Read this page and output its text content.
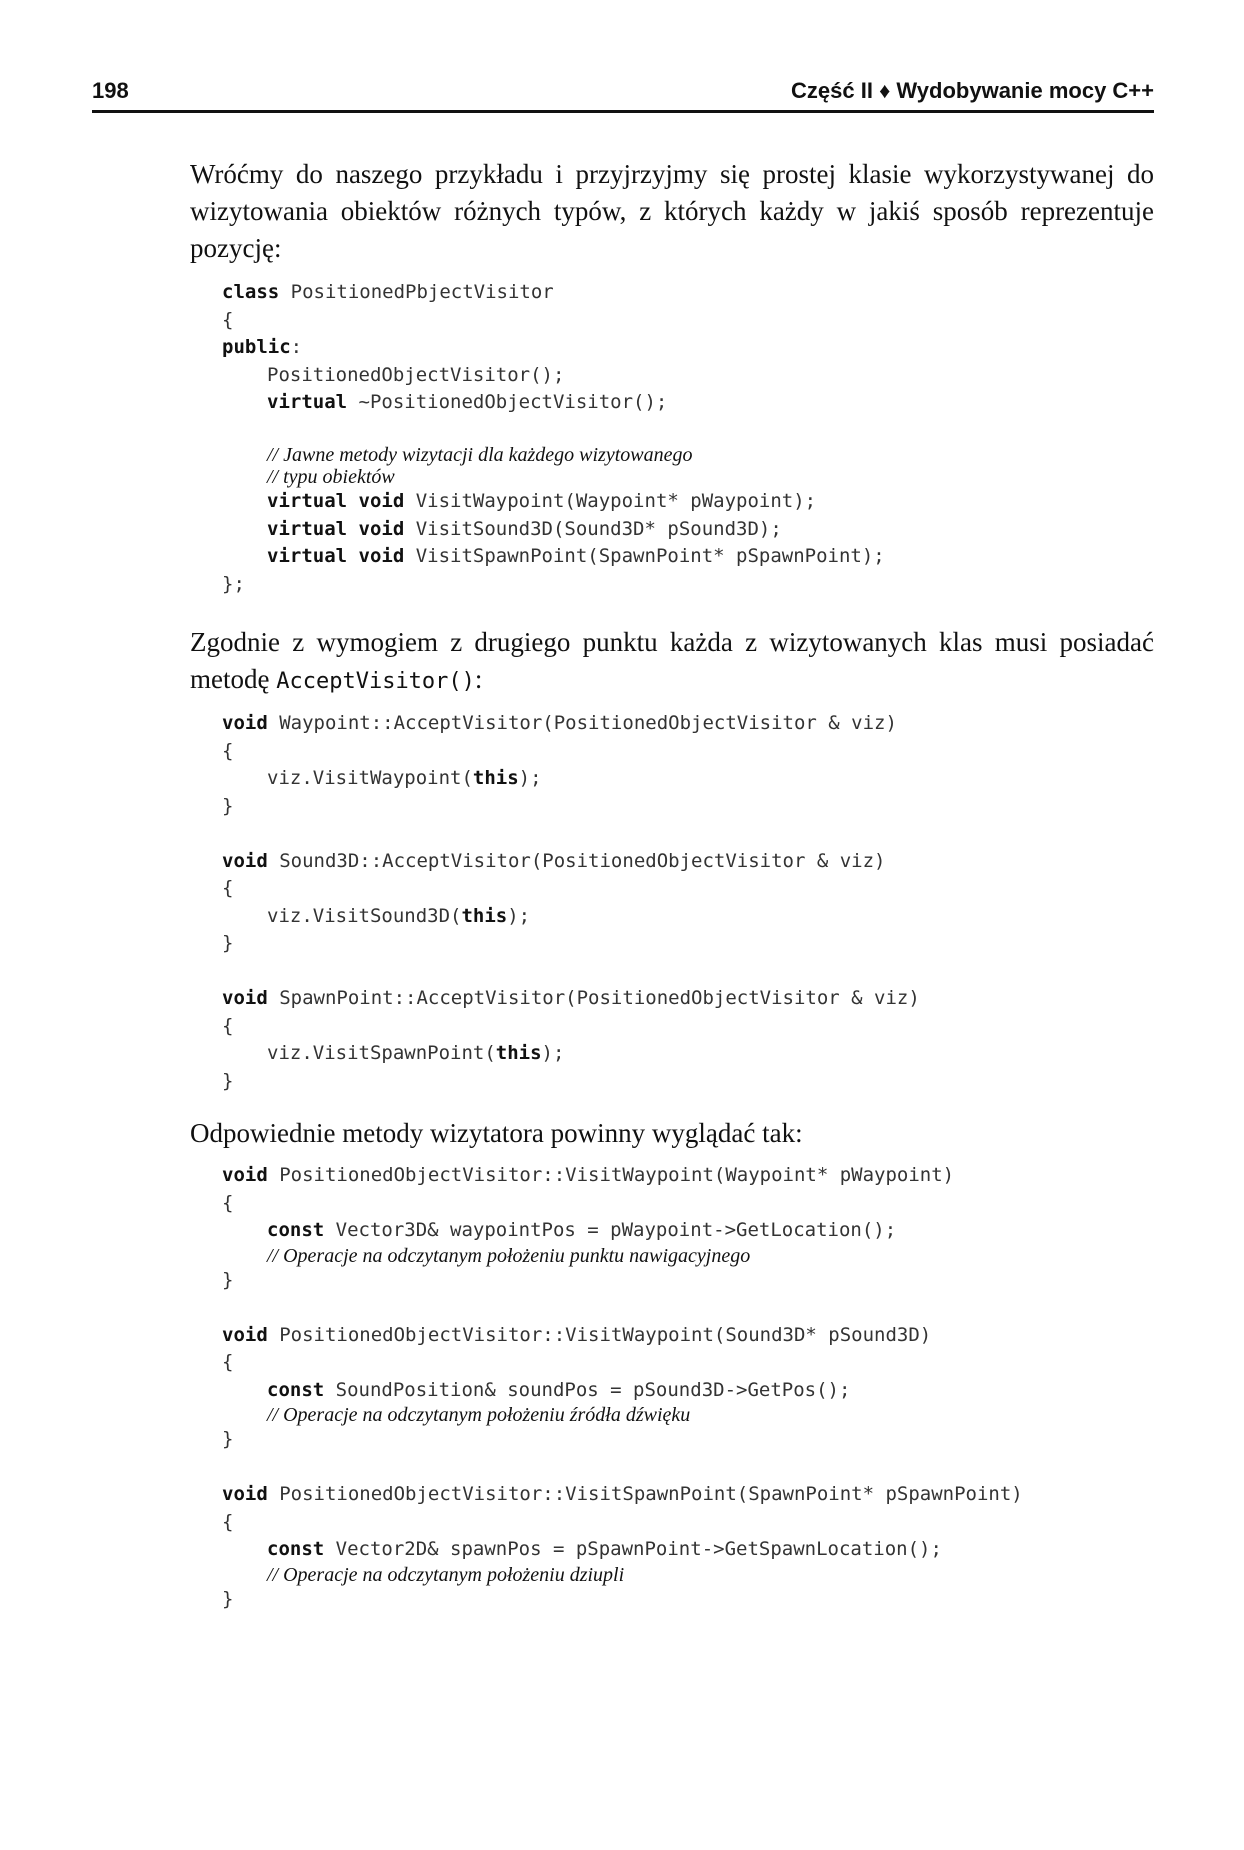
198	Część II ♦ Wydobywanie mocy C++

Wróćmy do naszego przykładu i przyjrzyjmy się prostej klasie wykorzystywanej do wizytowania obiektów różnych typów, z których każdy w jakiś sposób reprezentuje pozycję:

class PositionedPbjectVisitor
{
public:
PositionedObjectVisitor();
virtual ~PositionedObjectVisitor();
// Jawne metody wizytacji dla każdego wizytowanego
// typu obiektów
virtual void VisitWaypoint(Waypoint* pWaypoint);
virtual void VisitSound3D(Sound3D* pSound3D);
virtual void VisitSpawnPoint(SpawnPoint* pSpawnPoint);
};

Zgodnie z wymogiem z drugiego punktu każda z wizytowanych klas musi posiadać metodę AcceptVisitor():

void Waypoint::AcceptVisitor(PositionedObjectVisitor & viz)
{
viz.VisitWaypoint(this);
}
void Sound3D::AcceptVisitor(PositionedObjectVisitor & viz)
{
viz.VisitSound3D(this);
}
void SpawnPoint::AcceptVisitor(PositionedObjectVisitor & viz)
{
viz.VisitSpawnPoint(this);
}

Odpowiednie metody wizytatora powinny wyglądać tak:

void PositionedObjectVisitor::VisitWaypoint(Waypoint* pWaypoint)
{
const Vector3D& waypointPos = pWaypoint->GetLocation();
// Operacje na odczytanym położeniu punktu nawigacyjnego
}
void PositionedObjectVisitor::VisitWaypoint(Sound3D* pSound3D)
{
const SoundPosition& soundPos = pSound3D->GetPos();
// Operacje na odczytanym położeniu źródła dźwięku
}
void PositionedObjectVisitor::VisitSpawnPoint(SpawnPoint* pSpawnPoint)
{
const Vector2D& spawnPos = pSpawnPoint->GetSpawnLocation();
// Operacje na odczytanym położeniu dziupli
}
